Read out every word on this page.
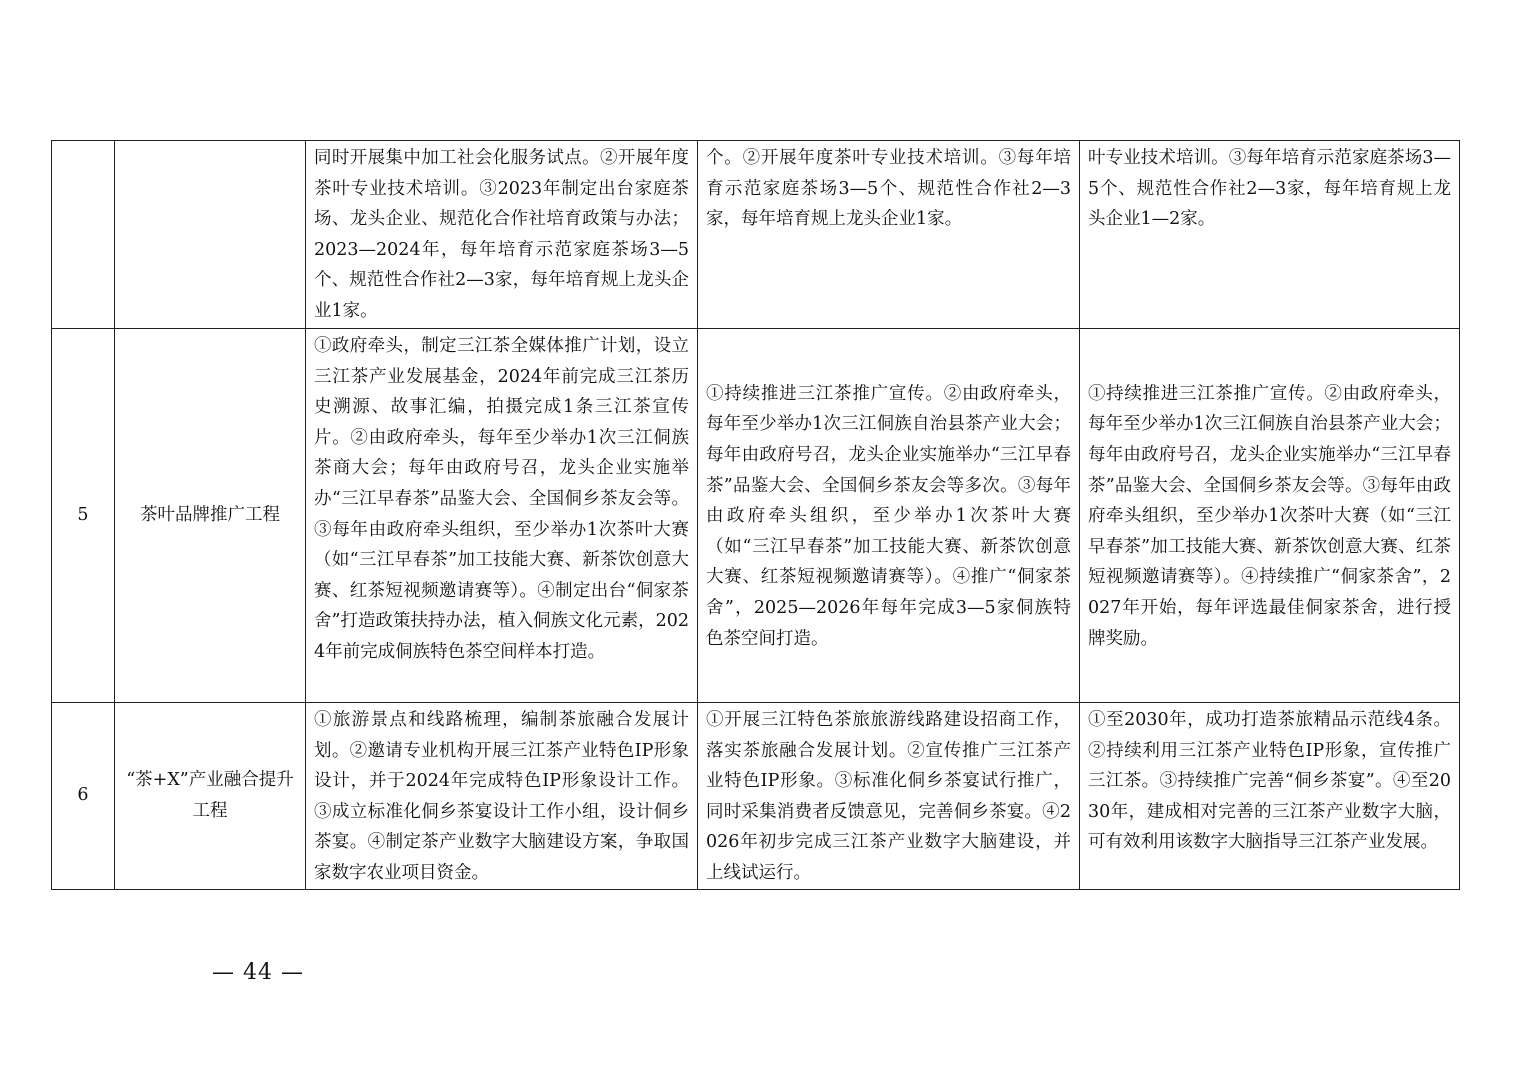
		同时开展集中加工社会化服务试点。②开展年度茶叶专业技术培训。③2023年制定出台家庭茶场、龙头企业、规范化合作社培育政策与办法；2023—2024年，每年培育示范家庭茶场3—5个、规范性合作社2—3家，每年培育规上龙头企业1家。	个。②开展年度茶叶专业技术培训。③每年培育示范家庭茶场3—5个、规范性合作社2—3家，每年培育规上龙头企业1家。	叶专业技术培训。③每年培育示范家庭茶场3—5个、规范性合作社2—3家，每年培育规上龙头企业1—2家。
5	茶叶品牌推广工程	①政府牵头，制定三江茶全媒体推广计划，设立三江茶产业发展基金，2024年前完成三江茶历史溯源、故事汇编，拍摄完成1条三江茶宣传片。②由政府牵头，每年至少举办1次三江侗族茶商大会；每年由政府号召，龙头企业实施举办“三江早春茶”品鉴大会、全国侗乡茶友会等。③每年由政府牵头组织，至少举办1次茶叶大赛（如“三江早春茶”加工技能大赛、新茶饮创意大赛、红茶短视频邀请赛等）。④制定出台“侗家茶舍”打造政策扶持办法，植入侗族文化元素，2024年前完成侗族特色茶空间样本打造。	①持续推进三江茶推广宣传。②由政府牵头，每年至少举办1次三江侗族自治县茶产业大会；每年由政府号召，龙头企业实施举办“三江早春茶”品鉴大会、全国侗乡茶友会等多次。③每年由政府牵头组织，至少举办1次茶叶大赛（如“三江早春茶”加工技能大赛、新茶饮创意大赛、红茶短视频邀请赛等）。④推广“侗家茶舍”，2025—2026年每年完成3—5家侗族特色茶空间打造。	①持续推进三江茶推广宣传。②由政府牵头，每年至少举办1次三江侗族自治县茶产业大会；每年由政府号召，龙头企业实施举办“三江早春茶”品鉴大会、全国侗乡茶友会等。③每年由政府牵头组织，至少举办1次茶叶大赛（如“三江早春茶”加工技能大赛、新茶饮创意大赛、红茶短视频邀请赛等）。④持续推广“侗家茶舍”，2027年开始，每年评选最佳侗家茶舍，进行授牌奖励。
6	“茶+X”产业融合提升工程	①旅游景点和线路梳理，编制茶旅融合发展计划。②邀请专业机构开展三江茶产业特色IP形象设计，并于2024年完成特色IP形象设计工作。③成立标准化侗乡茶宴设计工作小组，设计侗乡茶宴。④制定茶产业数字大脑建设方案，争取国家数字农业项目资金。	①开展三江特色茶旅旅游线路建设招商工作，落实茶旅融合发展计划。②宣传推广三江茶产业特色IP形象。③标准化侗乡茶宴试行推广，同时采集消费者反馈意见，完善侗乡茶宴。④2026年初步完成三江茶产业数字大脑建设，并上线试运行。	①至2030年，成功打造茶旅精品示范线4条。②持续利用三江茶产业特色IP形象，宣传推广三江茶。③持续推广完善“侗乡茶宴”。④至2030年，建成相对完善的三江茶产业数字大脑，可有效利用该数字大脑指导三江茶产业发展。
— 44 —
